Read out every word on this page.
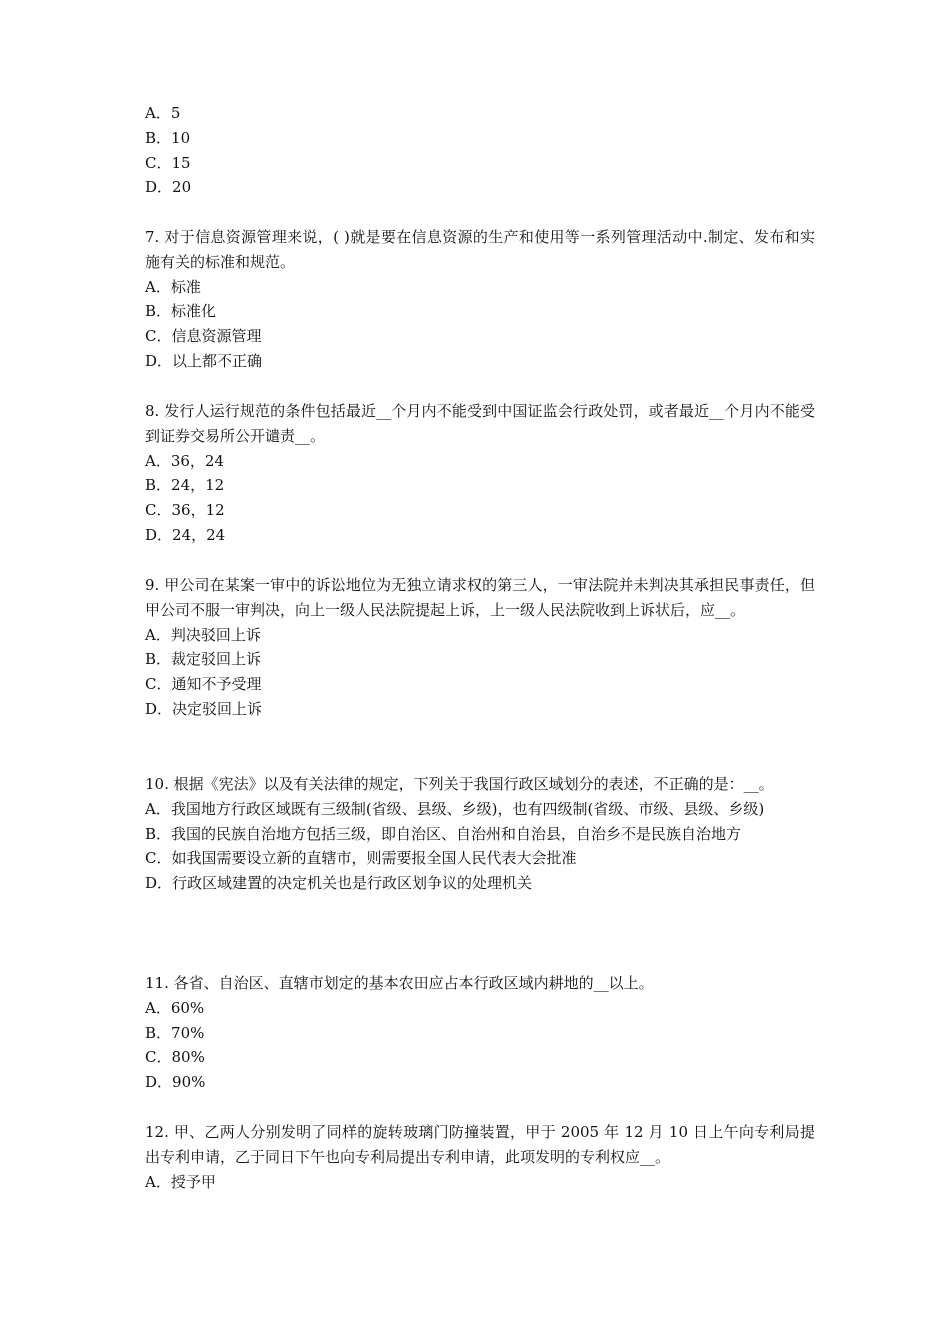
A．5
B．10
C．15
D．20
7. 对于信息资源管理来说，( )就是要在信息资源的生产和使用等一系列管理活动中.制定、发布和实施有关的标准和规范。
A．标准
B．标准化
C．信息资源管理
D．以上都不正确
8. 发行人运行规范的条件包括最近__个月内不能受到中国证监会行政处罚，或者最近__个月内不能受到证券交易所公开谴责__。
A．36，24
B．24，12
C．36，12
D．24，24
9. 甲公司在某案一审中的诉讼地位为无独立请求权的第三人，一审法院并未判决其承担民事责任，但甲公司不服一审判决，向上一级人民法院提起上诉，上一级人民法院收到上诉状后，应__。
A．判决驳回上诉
B．裁定驳回上诉
C．通知不予受理
D．决定驳回上诉
10. 根据《宪法》以及有关法律的规定，下列关于我国行政区域划分的表述，不正确的是：__。
A．我国地方行政区域既有三级制(省级、县级、乡级)，也有四级制(省级、市级、县级、乡级)
B．我国的民族自治地方包括三级，即自治区、自治州和自治县，自治乡不是民族自治地方
C．如我国需要设立新的直辖市，则需要报全国人民代表大会批准
D．行政区域建置的决定机关也是行政区划争议的处理机关
11. 各省、自治区、直辖市划定的基本农田应占本行政区域内耕地的__以上。
A．60%
B．70%
C．80%
D．90%
12. 甲、乙两人分别发明了同样的旋转玻璃门防撞装置，甲于 2005 年 12 月 10 日上午向专利局提出专利申请，乙于同日下午也向专利局提出专利申请，此项发明的专利权应__。
A．授予甲
